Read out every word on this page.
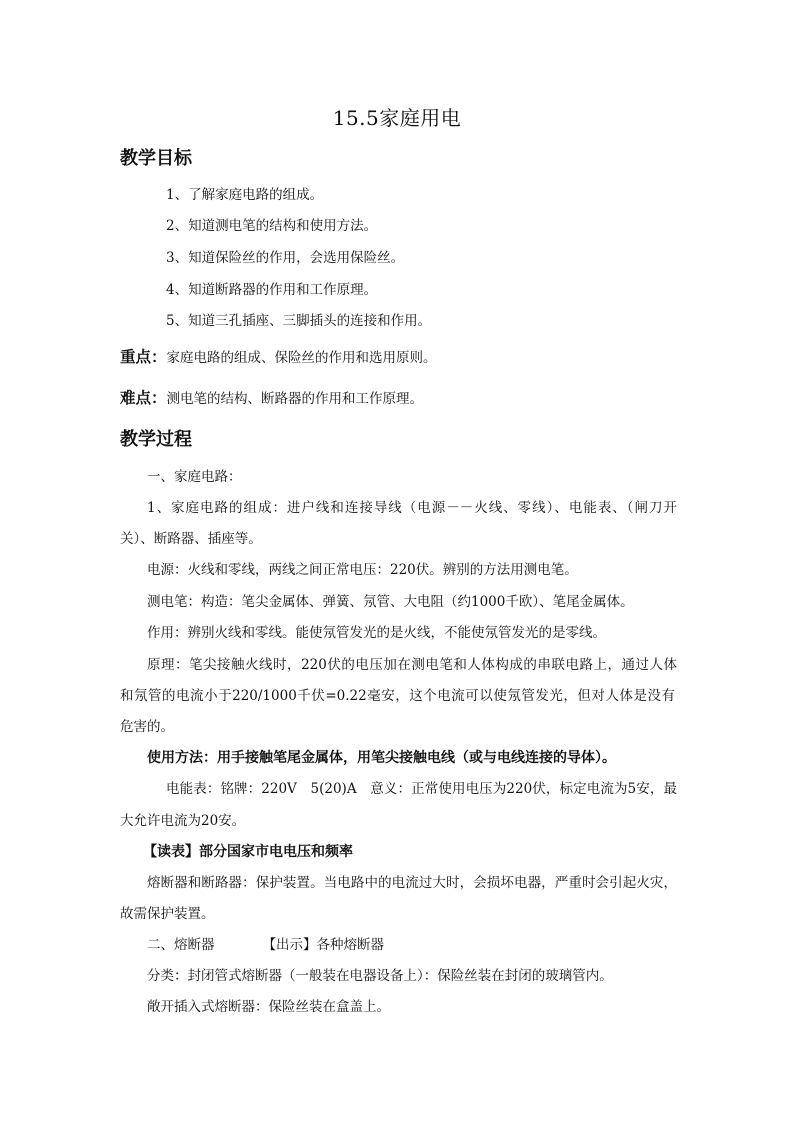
15.5家庭用电
教学目标
1、了解家庭电路的组成。
2、知道测电笔的结构和使用方法。
3、知道保险丝的作用，会选用保险丝。
4、知道断路器的作用和工作原理。
5、知道三孔插座、三脚插头的连接和作用。
重点：家庭电路的组成、保险丝的作用和选用原则。
难点：测电笔的结构、断路器的作用和工作原理。
教学过程
一、家庭电路：
1、家庭电路的组成：进户线和连接导线（电源－－火线、零线）、电能表、（闸刀开
关）、断路器、插座等。
电源：火线和零线，两线之间正常电压：220伏。辨别的方法用测电笔。
测电笔：构造：笔尖金属体、弹簧、氖管、大电阻（约1000千欧）、笔尾金属体。
作用：辨别火线和零线。能使氖管发光的是火线，不能使氖管发光的是零线。
原理：笔尖接触火线时，220伏的电压加在测电笔和人体构成的串联电路上，通过人体
和氖管的电流小于220/1000千伏=0.22毫安，这个电流可以使氖管发光，但对人体是没有
危害的。
使用方法：用手接触笔尾金属体，用笔尖接触电线（或与电线连接的导体）。
电能表：铭牌：220V　5(20)A　意义：正常使用电压为220伏，标定电流为5安，最
大允许电流为20安。
【读表】部分国家市电电压和频率
熔断器和断路器：保护装置。当电路中的电流过大时，会损坏电器，严重时会引起火灾，
故需保护装置。
二、熔断器	【出示】各种熔断器
分类：封闭管式熔断器（一般装在电器设备上）：保险丝装在封闭的玻璃管内。
敞开插入式熔断器：保险丝装在盒盖上。
